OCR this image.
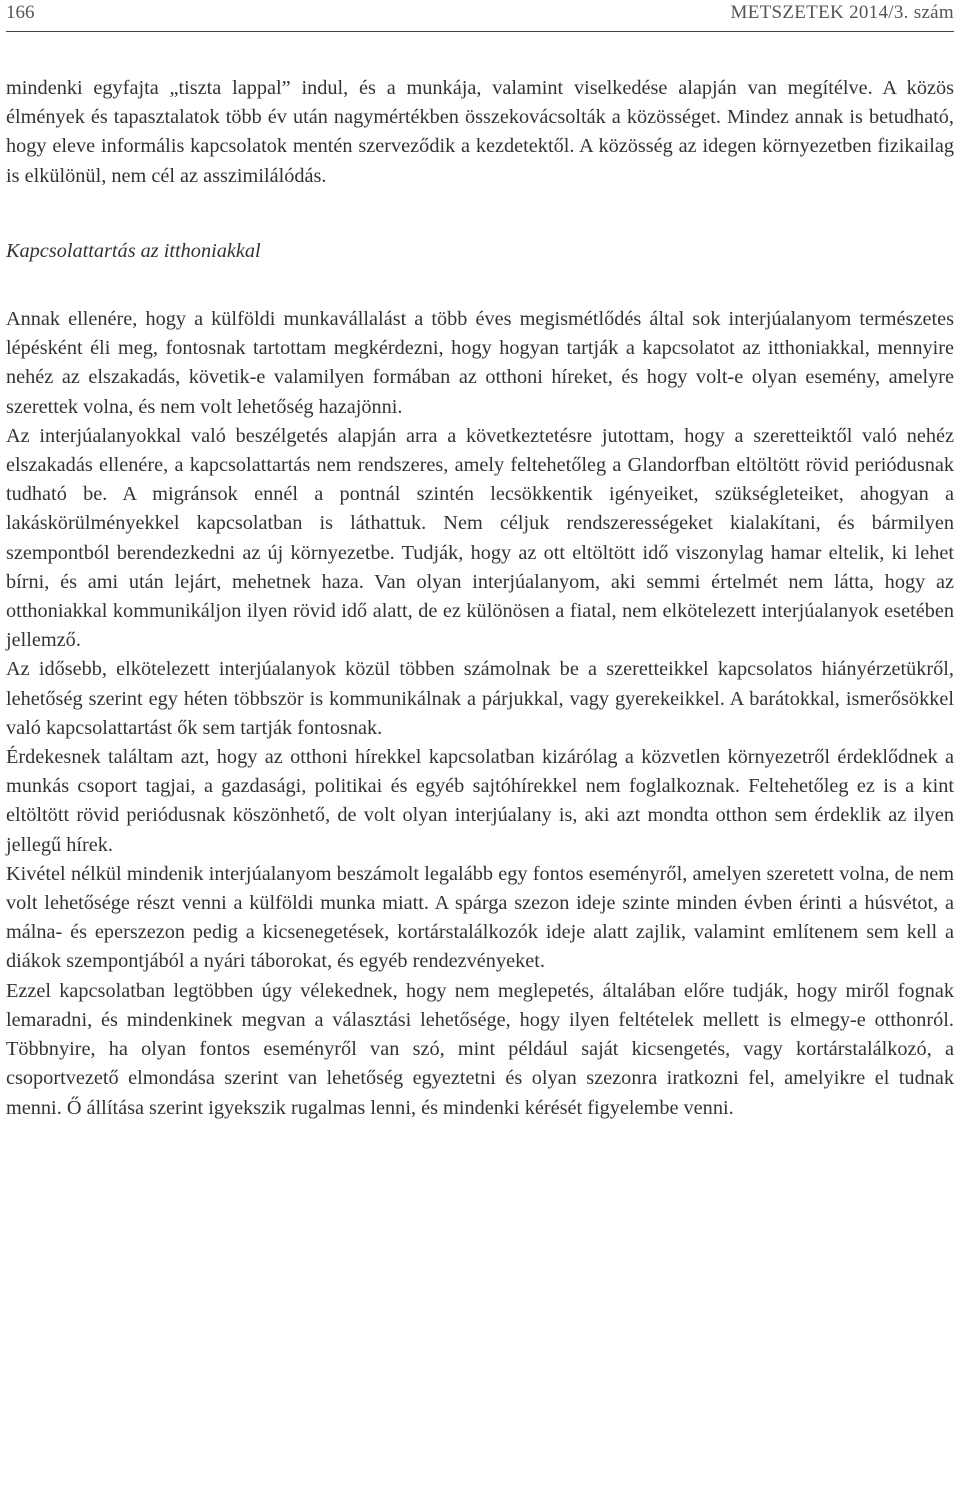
166	METSZETEK 2014/3. szám

mindenki egyfajta „tiszta lappal” indul, és a munkája, valamint viselkedése alapján van megítélve. A közös élmények és tapasztalatok több év után nagymértékben összekovácsolták a közösséget. Mindez annak is betudható, hogy eleve informális kapcsolatok mentén szerveződik a kezdetektől. A közösség az idegen környezetben fizikailag is elkülönül, nem cél az asszimilálódás.

Kapcsolattartás az itthoniakkal

Annak ellenére, hogy a külföldi munkavállalást a több éves megismétlődés által sok interjúalanyom természetes lépésként éli meg, fontosnak tartottam megkérdezni, hogy hogyan tartják a kapcsolatot az itthoniakkal, mennyire nehéz az elszakadás, követik-e valamilyen formában az otthoni híreket, és hogy volt-e olyan esemény, amelyre szerettek volna, és nem volt lehetőség hazajönni.

Az interjúalanyokkal való beszélgetés alapján arra a következtetésre jutottam, hogy a szeretteiktől való nehéz elszakadás ellenére, a kapcsolattartás nem rendszeres, amely feltehetőleg a Glandorfban eltöltött rövid periódusnak tudható be. A migránsok ennél a pontnál szintén lecsökkentik igényeiket, szükségleteiket, ahogyan a lakáskörülményekkel kapcsolatban is láthattuk. Nem céljuk rendszerességeket kialakítani, és bármilyen szempontból berendezkedni az új környezetbe. Tudják, hogy az ott eltöltött idő viszonylag hamar eltelik, ki lehet bírni, és ami után lejárt, mehetnek haza. Van olyan interjúalanyom, aki semmi értelmét nem látta, hogy az otthoniakkal kommunikáljon ilyen rövid idő alatt, de ez különösen a fiatal, nem elkötelezett interjúalanyok esetében jellemző.

Az idősebb, elkötelezett interjúalanyok közül többen számolnak be a szeretteikkel kapcsolatos hiányérzetükről, lehetőség szerint egy héten többször is kommunikálnak a párjukkal, vagy gyerekeikkel. A barátokkal, ismerősökkel való kapcsolattartást ők sem tartják fontosnak.

Érdekesnek találtam azt, hogy az otthoni hírekkel kapcsolatban kizárólag a közvetlen környezetről érdeklődnek a munkás csoport tagjai, a gazdasági, politikai és egyéb sajtóhírekkel nem foglalkoznak. Feltehetőleg ez is a kint eltöltött rövid periódusnak köszönhető, de volt olyan interjúalany is, aki azt mondta otthon sem érdeklik az ilyen jellegű hírek.

Kivétel nélkül mindenik interjúalanyom beszámolt legalább egy fontos eseményről, amelyen szeretett volna, de nem volt lehetősége részt venni a külföldi munka miatt. A spárga szezon ideje szinte minden évben érinti a húsvétot, a málna- és eperszezon pedig a kicsenegetések, kortárstalálkozók ideje alatt zajlik, valamint említenem sem kell a diákok szempontjából a nyári táborokat, és egyéb rendezvényeket.

Ezzel kapcsolatban legtöbben úgy vélekednek, hogy nem meglepetés, általában előre tudják, hogy miről fognak lemaradni, és mindenkinek megvan a választási lehetősége, hogy ilyen feltételek mellett is elmegy-e otthonról. Többnyire, ha olyan fontos eseményről van szó, mint például saját kicsengetés, vagy kortárstalálkozó, a csoportvezető elmondása szerint van lehetőség egyeztetni és olyan szezonra iratkozni fel, amelyikre el tudnak menni. Ő állítása szerint igyekszik rugalmas lenni, és mindenki kérését figyelembe venni.
